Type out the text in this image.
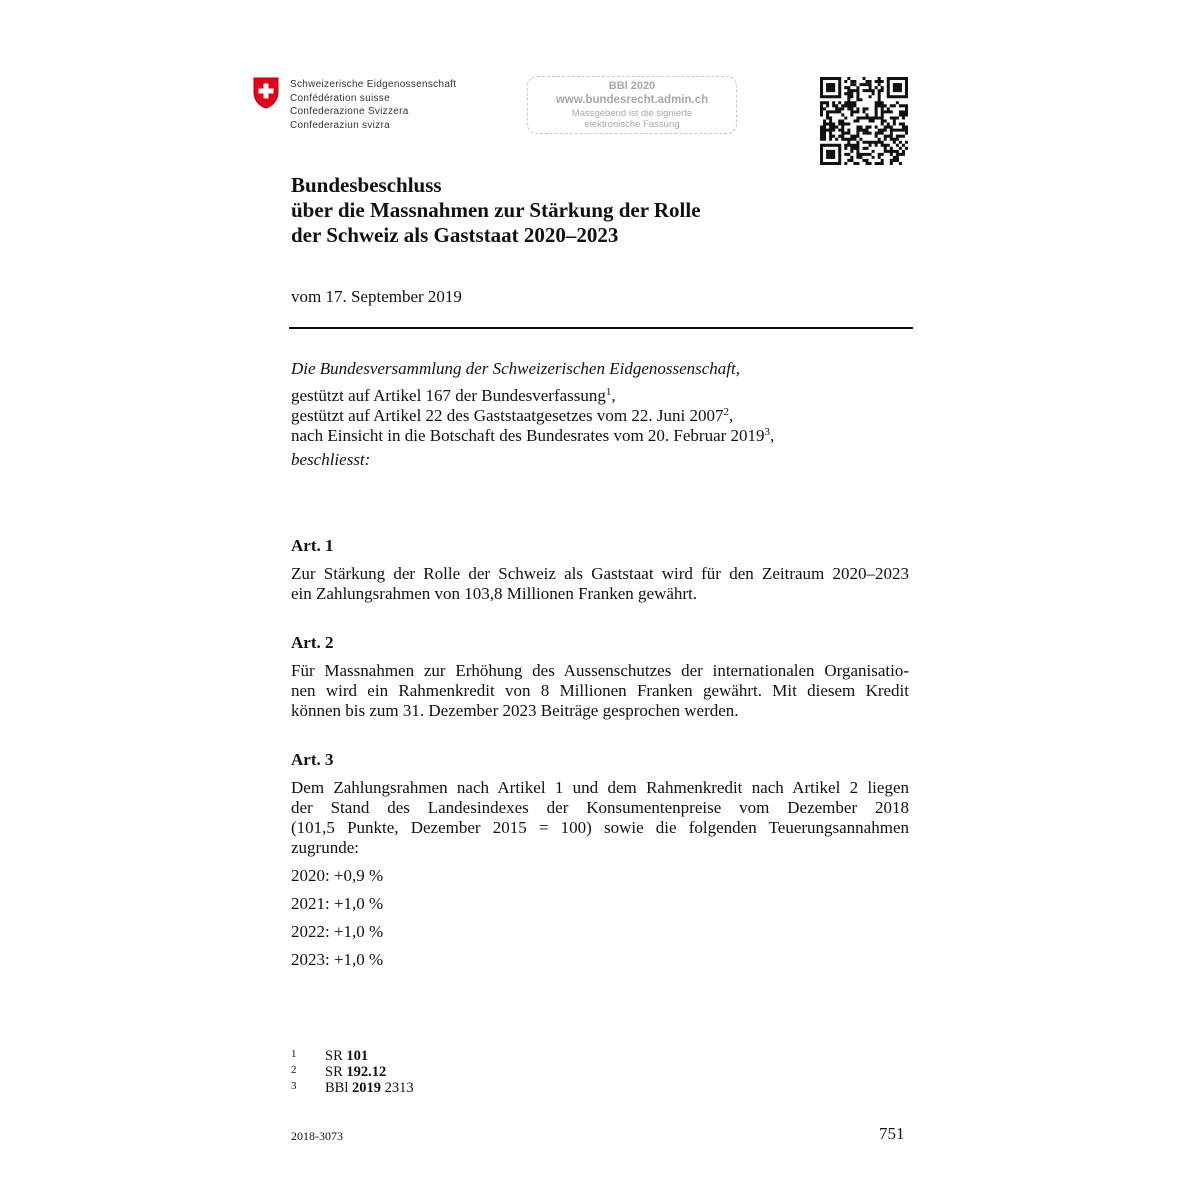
Schweizerische Eidgenossenschaft
Confédération suisse
Confederazione Svizzera
Confederaziun svizra
BBl 2020
www.bundesrecht.admin.ch
Massgebend ist die signierte
elektronische Fassung
Bundesbeschluss
über die Massnahmen zur Stärkung der Rolle
der Schweiz als Gaststaat 2020–2023
vom 17. September 2019
Die Bundesversammlung der Schweizerischen Eidgenossenschaft,
gestützt auf Artikel 167 der Bundesverfassung$^1$,
gestützt auf Artikel 22 des Gaststaatgesetzes vom 22. Juni 2007$^2$,
nach Einsicht in die Botschaft des Bundesrates vom 20. Februar 2019$^3$,
beschliesst:
Art. 1
Zur Stärkung der Rolle der Schweiz als Gaststaat wird für den Zeitraum 2020–2023
ein Zahlungsrahmen von 103,8 Millionen Franken gewährt.
Art. 2
Für Massnahmen zur Erhöhung des Aussenschutzes der internationalen Organisatio-
nen wird ein Rahmenkredit von 8 Millionen Franken gewährt. Mit diesem Kredit
können bis zum 31. Dezember 2023 Beiträge gesprochen werden.
Art. 3
Dem Zahlungsrahmen nach Artikel 1 und dem Rahmenkredit nach Artikel 2 liegen
der Stand des Landesindexes der Konsumentenpreise vom Dezember 2018
(101,5 Punkte, Dezember 2015 = 100) sowie die folgenden Teuerungsannahmen
zugrunde:
2020: +0,9 %
2021: +1,0 %
2022: +1,0 %
2023: +1,0 %
1 SR 101
2 SR 192.12
3 BBl 2019 2313
2018-3073	751
